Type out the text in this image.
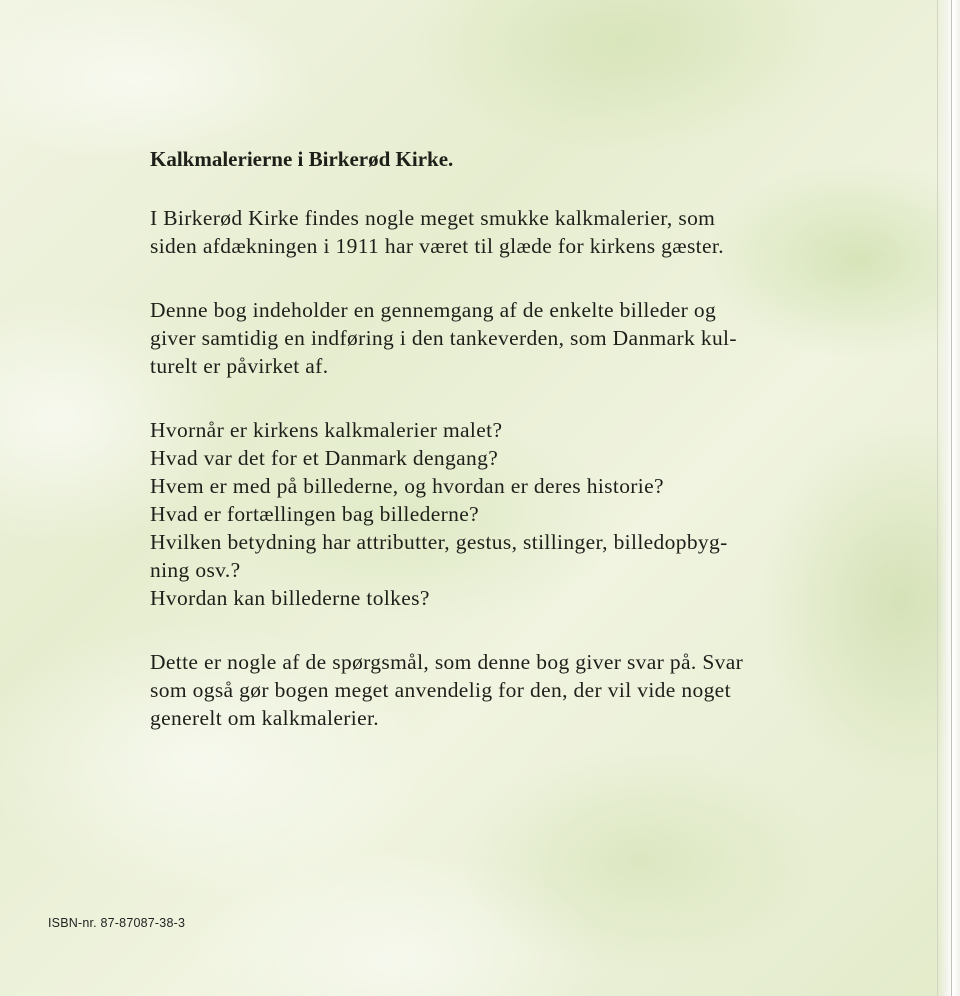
Kalkmalerierne i Birkerød Kirke.
I Birkerød Kirke findes nogle meget smukke kalkmalerier, som
siden afdækningen i 1911 har været til glæde for kirkens gæster.
Denne bog indeholder en gennemgang af de enkelte billeder og
giver samtidig en indføring i den tankeverden, som Danmark kul-
turelt er påvirket af.
Hvornår er kirkens kalkmalerier malet?
Hvad var det for et Danmark dengang?
Hvem er med på billederne, og hvordan er deres historie?
Hvad er fortællingen bag billederne?
Hvilken betydning har attributter, gestus, stillinger, billedopbyg-
ning osv.?
Hvordan kan billederne tolkes?
Dette er nogle af de spørgsmål, som denne bog giver svar på. Svar
som også gør bogen meget anvendelig for den, der vil vide noget
generelt om kalkmalerier.
ISBN-nr. 87-87087-38-3
